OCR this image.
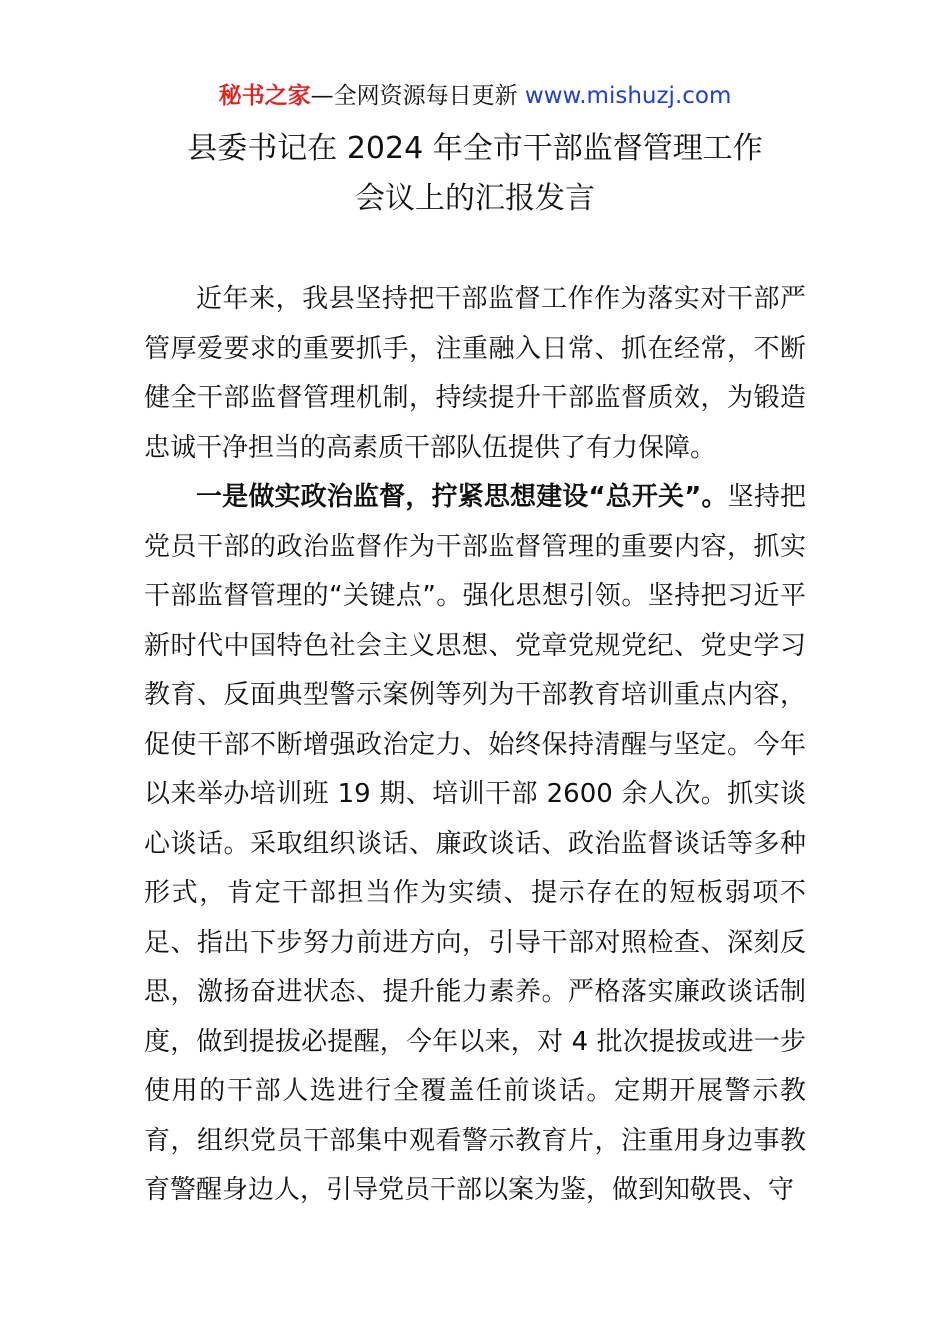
秘书之家—全网资源每日更新 www.mishuzj.com
县委书记在 2024 年全市干部监督管理工作
会议上的汇报发言

近年来，我县坚持把干部监督工作作为落实对干部严管厚爱要求的重要抓手，注重融入日常、抓在经常，不断健全干部监督管理机制，持续提升干部监督质效，为锻造忠诚干净担当的高素质干部队伍提供了有力保障。

一是做实政治监督，拧紧思想建设“总开关”。坚持把党员干部的政治监督作为干部监督管理的重要内容，抓实干部监督管理的“关键点”。强化思想引领。坚持把习近平新时代中国特色社会主义思想、党章党规党纪、党史学习教育、反面典型警示案例等列为干部教育培训重点内容，促使干部不断增强政治定力、始终保持清醒与坚定。今年以来举办培训班 19 期、培训干部 2600 余人次。抓实谈心谈话。采取组织谈话、廉政谈话、政治监督谈话等多种形式，肯定干部担当作为实绩、提示存在的短板弱项不足、指出下步努力前进方向，引导干部对照检查、深刻反思，激扬奋进状态、提升能力素养。严格落实廉政谈话制度，做到提拔必提醒，今年以来，对 4 批次提拔或进一步使用的干部人选进行全覆盖任前谈话。定期开展警示教育，组织党员干部集中观看警示教育片，注重用身边事教育警醒身边人，引导党员干部以案为鉴，做到知敬畏、守
